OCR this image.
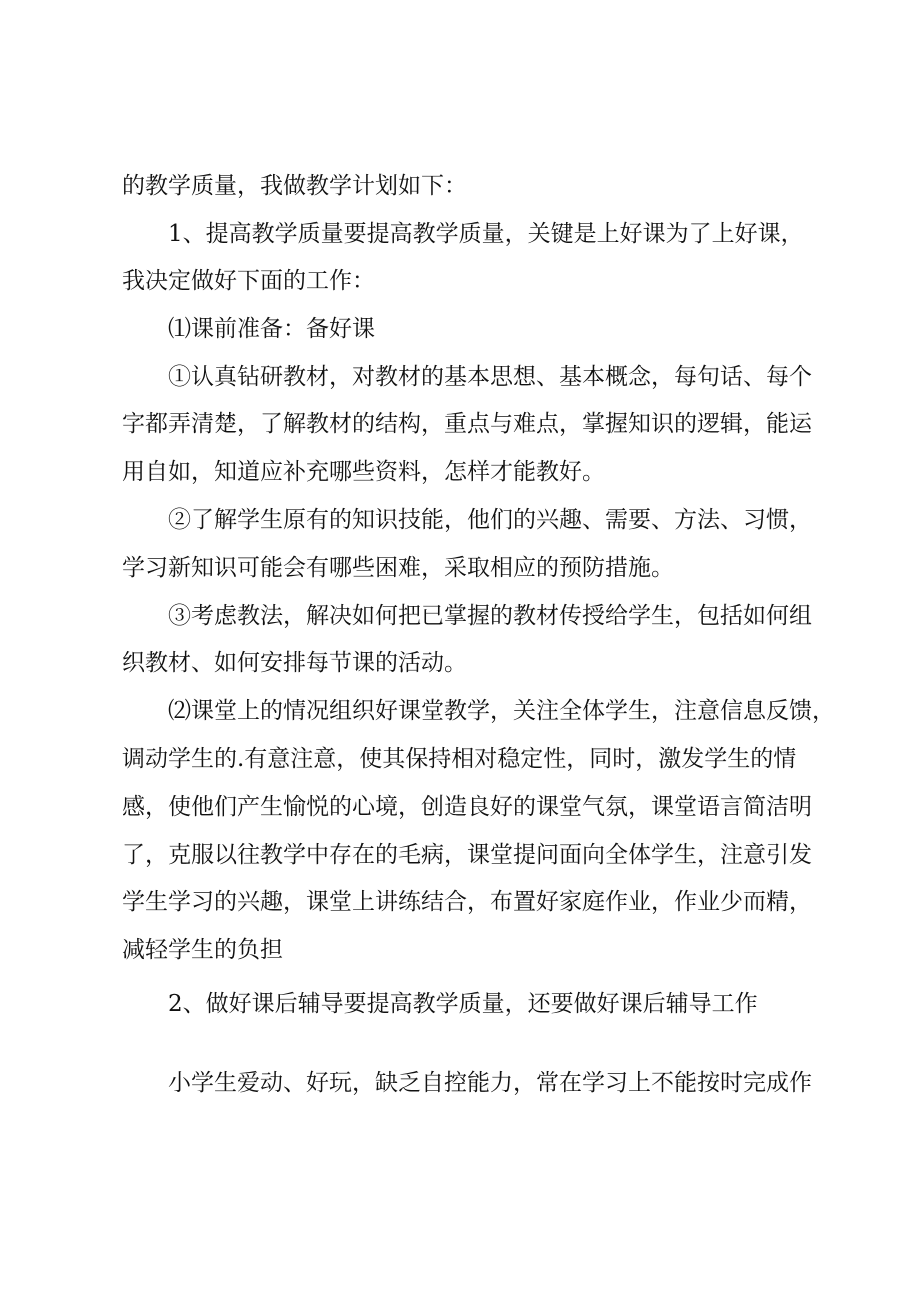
的教学质量，我做教学计划如下：
1、提高教学质量要提高教学质量，关键是上好课为了上好课，
我决定做好下面的工作：
⑴课前准备：备好课
①认真钻研教材，对教材的基本思想、基本概念，每句话、每个
字都弄清楚，了解教材的结构，重点与难点，掌握知识的逻辑，能运
用自如，知道应补充哪些资料，怎样才能教好。
②了解学生原有的知识技能，他们的兴趣、需要、方法、习惯，
学习新知识可能会有哪些困难，采取相应的预防措施。
③考虑教法，解决如何把已掌握的教材传授给学生，包括如何组
织教材、如何安排每节课的活动。
⑵课堂上的情况组织好课堂教学，关注全体学生，注意信息反馈，
调动学生的.有意注意，使其保持相对稳定性，同时，激发学生的情
感，使他们产生愉悦的心境，创造良好的课堂气氛，课堂语言简洁明
了，克服以往教学中存在的毛病，课堂提问面向全体学生，注意引发
学生学习的兴趣，课堂上讲练结合，布置好家庭作业，作业少而精，
减轻学生的负担
2、做好课后辅导要提高教学质量，还要做好课后辅导工作
小学生爱动、好玩，缺乏自控能力，常在学习上不能按时完成作
